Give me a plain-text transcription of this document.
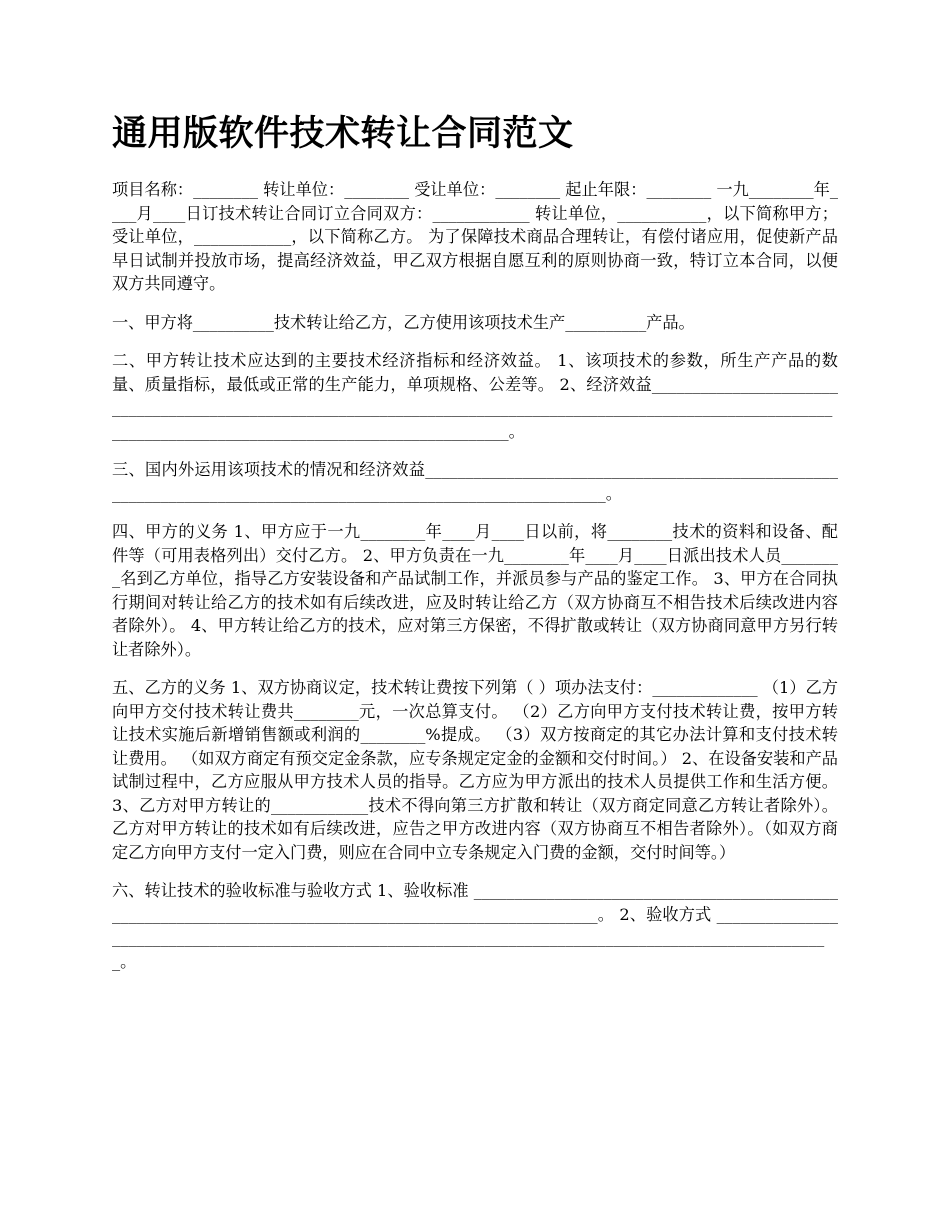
通用版软件技术转让合同范文

项目名称：________ 转让单位：________ 受让单位：________ 起止年限：________ 一九________年____月____日订技术转让合同订立合同双方：____________ 转让单位，___________，以下简称甲方； 受让单位，____________，以下简称乙方。 为了保障技术商品合理转让，有偿付诸应用，促使新产品早日试制并投放市场，提高经济效益，甲乙双方根据自愿互利的原则协商一致，特订立本合同，以便双方共同遵守。

一、甲方将__________技术转让给乙方，乙方使用该项技术生产__________产品。

二、甲方转让技术应达到的主要技术经济指标和经济效益。 1、该项技术的参数，所生产产品的数量、质量指标，最低或正常的生产能力，单项规格、公差等。 2、经济效益_________________________________________________________________________________________________________________________________________________________________。

三、国内外运用该项技术的情况和经济效益________________________________________________________________________________________________________________。

四、甲方的义务 1、甲方应于一九________年____月____日以前，将________技术的资料和设备、配件等（可用表格列出）交付乙方。 2、甲方负责在一九________年____月____日派出技术人员________名到乙方单位，指导乙方安装设备和产品试制工作，并派员参与产品的鉴定工作。 3、甲方在合同执行期间对转让给乙方的技术如有后续改进，应及时转让给乙方（双方协商互不相告技术后续改进内容者除外）。 4、甲方转让给乙方的技术，应对第三方保密，不得扩散或转让（双方协商同意甲方另行转让者除外）。

五、乙方的义务 1、双方协商议定，技术转让费按下列第（ ）项办法支付：_____________ （1）乙方向甲方交付技术转让费共________元，一次总算支付。 （2）乙方向甲方支付技术转让费，按甲方转让技术实施后新增销售额或利润的________%提成。 （3）双方按商定的其它办法计算和支付技术转让费用。 （如双方商定有预交定金条款，应专条规定定金的金额和交付时间。） 2、在设备安装和产品试制过程中，乙方应服从甲方技术人员的指导。乙方应为甲方派出的技术人员提供工作和生活方便。 3、乙方对甲方转让的____________技术不得向第三方扩散和转让（双方商定同意乙方转让者除外）。乙方对甲方转让的技术如有后续改进，应告之甲方改进内容（双方协商互不相告者除外）。（如双方商定乙方向甲方支付一定入门费，则应在合同中立专条规定入门费的金额，交付时间等。）

六、转让技术的验收标准与验收方式 1、验收标准 _________________________________________________________________________________________________________。 2、验收方式 ________________________________________________________________________________________________________。
